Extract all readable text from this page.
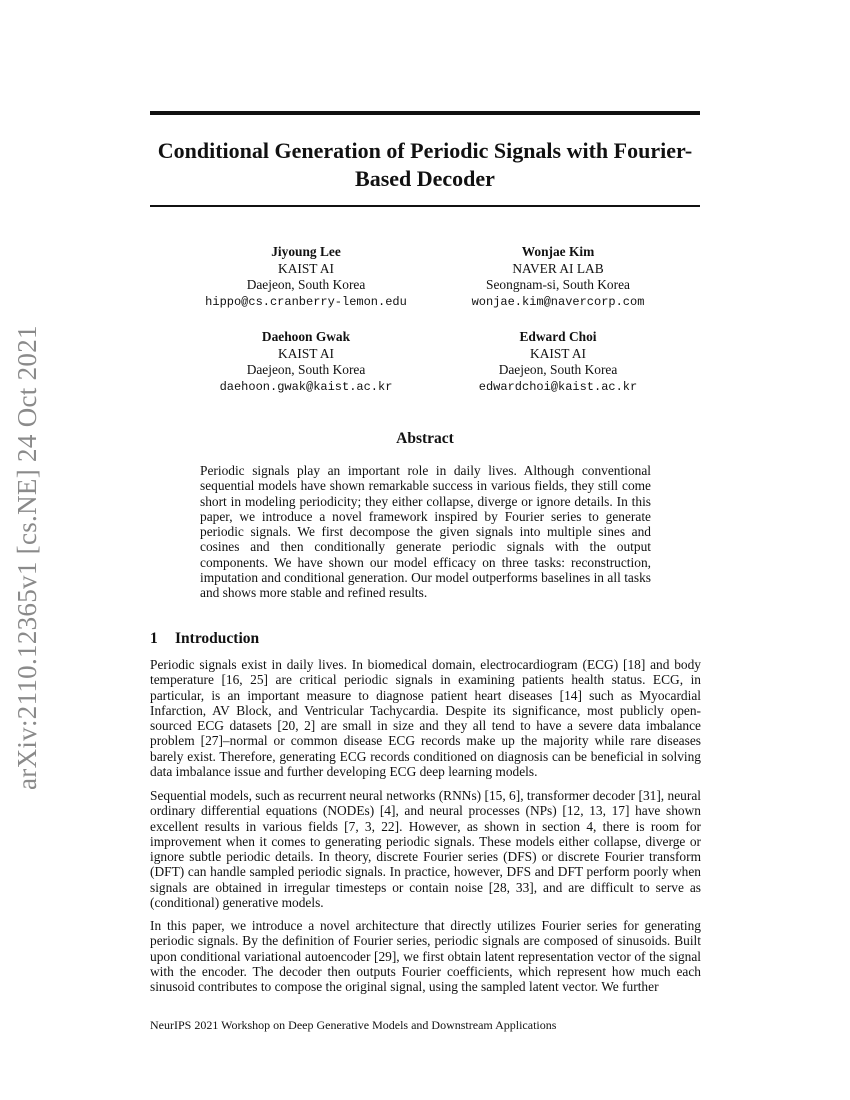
arXiv:2110.12365v1 [cs.NE] 24 Oct 2021
Conditional Generation of Periodic Signals with Fourier-Based Decoder
Jiyoung Lee
KAIST AI
Daejeon, South Korea
hippo@cs.cranberry-lemon.edu
Wonjae Kim
NAVER AI LAB
Seongnam-si, South Korea
wonjae.kim@navercorp.com
Daehoon Gwak
KAIST AI
Daejeon, South Korea
daehoon.gwak@kaist.ac.kr
Edward Choi
KAIST AI
Daejeon, South Korea
edwardchoi@kaist.ac.kr
Abstract

Periodic signals play an important role in daily lives. Although conventional sequential models have shown remarkable success in various fields, they still come short in modeling periodicity; they either collapse, diverge or ignore details. In this paper, we introduce a novel framework inspired by Fourier series to generate periodic signals. We first decompose the given signals into multiple sines and cosines and then conditionally generate periodic signals with the output components. We have shown our model efficacy on three tasks: reconstruction, imputation and conditional generation. Our model outperforms baselines in all tasks and shows more stable and refined results.

1 Introduction

Periodic signals exist in daily lives. In biomedical domain, electrocardiogram (ECG) [18] and body temperature [16, 25] are critical periodic signals in examining patients health status. ECG, in particular, is an important measure to diagnose patient heart diseases [14] such as Myocardial Infarction, AV Block, and Ventricular Tachycardia. Despite its significance, most publicly open-sourced ECG datasets [20, 2] are small in size and they all tend to have a severe data imbalance problem [27]–normal or common disease ECG records make up the majority while rare diseases barely exist. Therefore, generating ECG records conditioned on diagnosis can be beneficial in solving data imbalance issue and further developing ECG deep learning models.

Sequential models, such as recurrent neural networks (RNNs) [15, 6], transformer decoder [31], neural ordinary differential equations (NODEs) [4], and neural processes (NPs) [12, 13, 17] have shown excellent results in various fields [7, 3, 22]. However, as shown in section 4, there is room for improvement when it comes to generating periodic signals. These models either collapse, diverge or ignore subtle periodic details. In theory, discrete Fourier series (DFS) or discrete Fourier transform (DFT) can handle sampled periodic signals. In practice, however, DFS and DFT perform poorly when signals are obtained in irregular timesteps or contain noise [28, 33], and are difficult to serve as (conditional) generative models.

In this paper, we introduce a novel architecture that directly utilizes Fourier series for generating periodic signals. By the definition of Fourier series, periodic signals are composed of sinusoids. Built upon conditional variational autoencoder [29], we first obtain latent representation vector of the signal with the encoder. The decoder then outputs Fourier coefficients, which represent how much each sinusoid contributes to compose the original signal, using the sampled latent vector. We further

NeurIPS 2021 Workshop on Deep Generative Models and Downstream Applications
